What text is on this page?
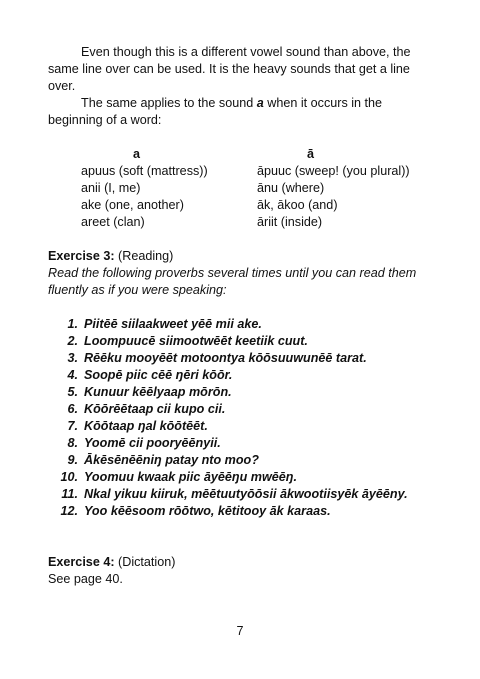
Even though this is a different vowel sound than above, the same line over can be used. It is the heavy sounds that get a line over.

The same applies to the sound a when it occurs in the beginning of a word:

a	ā
apuus (soft (mattress))	āpuuc (sweep! (you plural))
anii (I, me)	ānu (where)
ake (one, another)	āk, ākoo (and)
areet (clan)	āriit (inside)

Exercise 3: (Reading)

Read the following proverbs several times until you can read them fluently as if you were speaking:

1. Piitēē siilaakweet yēē mii ake.
2. Loompuucē siimootwēēt keetiik cuut.
3. Rēēku mooyēēt motoontya kōōsuuwunēē tarat.
4. Soopē piic cēē ŋēri kōōr.
5. Kunuur kēēlyaap mōrōn.
6. Kōōrēētaap cii kupo cii.
7. Kōōtaap ŋal kōōtēēt.
8. Yoomē cii pooryēēnyii.
9. Ākēsēnēēniŋ patay nto moo?
10. Yoomuu kwaak piic āyēēŋu mwēēŋ.
11. Nkal yikuu kiiruk, mēētuutyōōsii ākwootiisyēk āyēēny.
12. Yoo kēēsoom rōōtwo, kētitooy āk karaas.

Exercise 4: (Dictation)

See page 40.

7
